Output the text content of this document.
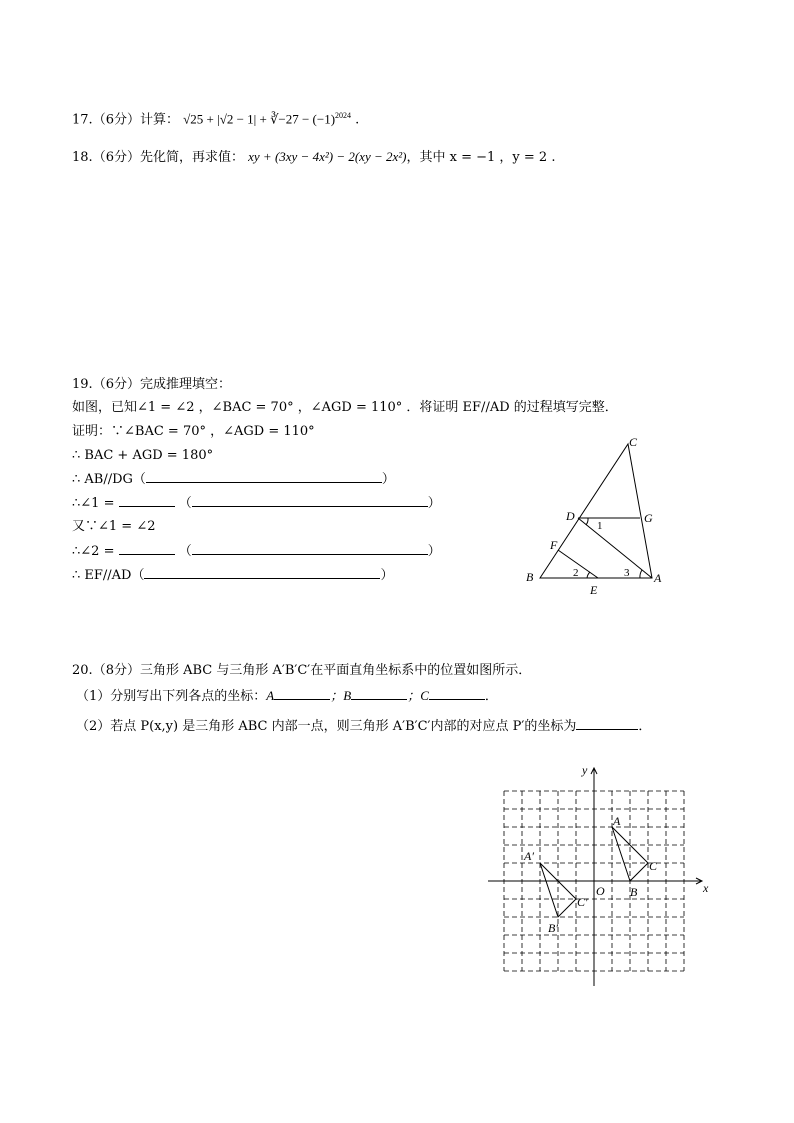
17.（6分）计算： √25 + |√2 − 1| + ∛−27 − $(-1)^{2024}$ .
18.（6分）先化简，再求值： xy + (3xy − 4x²) − 2(xy − 2x²)，其中 x = −1 ，y = 2 .
19.（6分）完成推理填空：
如图，已知∠1 = ∠2 ，∠BAC = 70° ，∠AGD = 110° ．将证明 EF//AD 的过程填写完整．
证明：∵∠BAC = 70° ，∠AGD = 110°
∴ BAC + AGD = 180°
∴ AB//DG（	）
∴∠1 =	（	）
又∵∠1 = ∠2
∴∠2 =	（	）
∴ EF//AD（	）
C
D	G
F
B
E
A
1
2	3
20.（8分）三角形 ABC 与三角形 A′B′C′在平面直角坐标系中的位置如图所示．
（1）分别写出下列各点的坐标：A	；B	；C	．
（2）若点 P(x,y) 是三角形 ABC 内部一点，则三角形 A′B′C′内部的对应点 P′的坐标为	．
x
y
O
A
B
C
A′
B′
C′
